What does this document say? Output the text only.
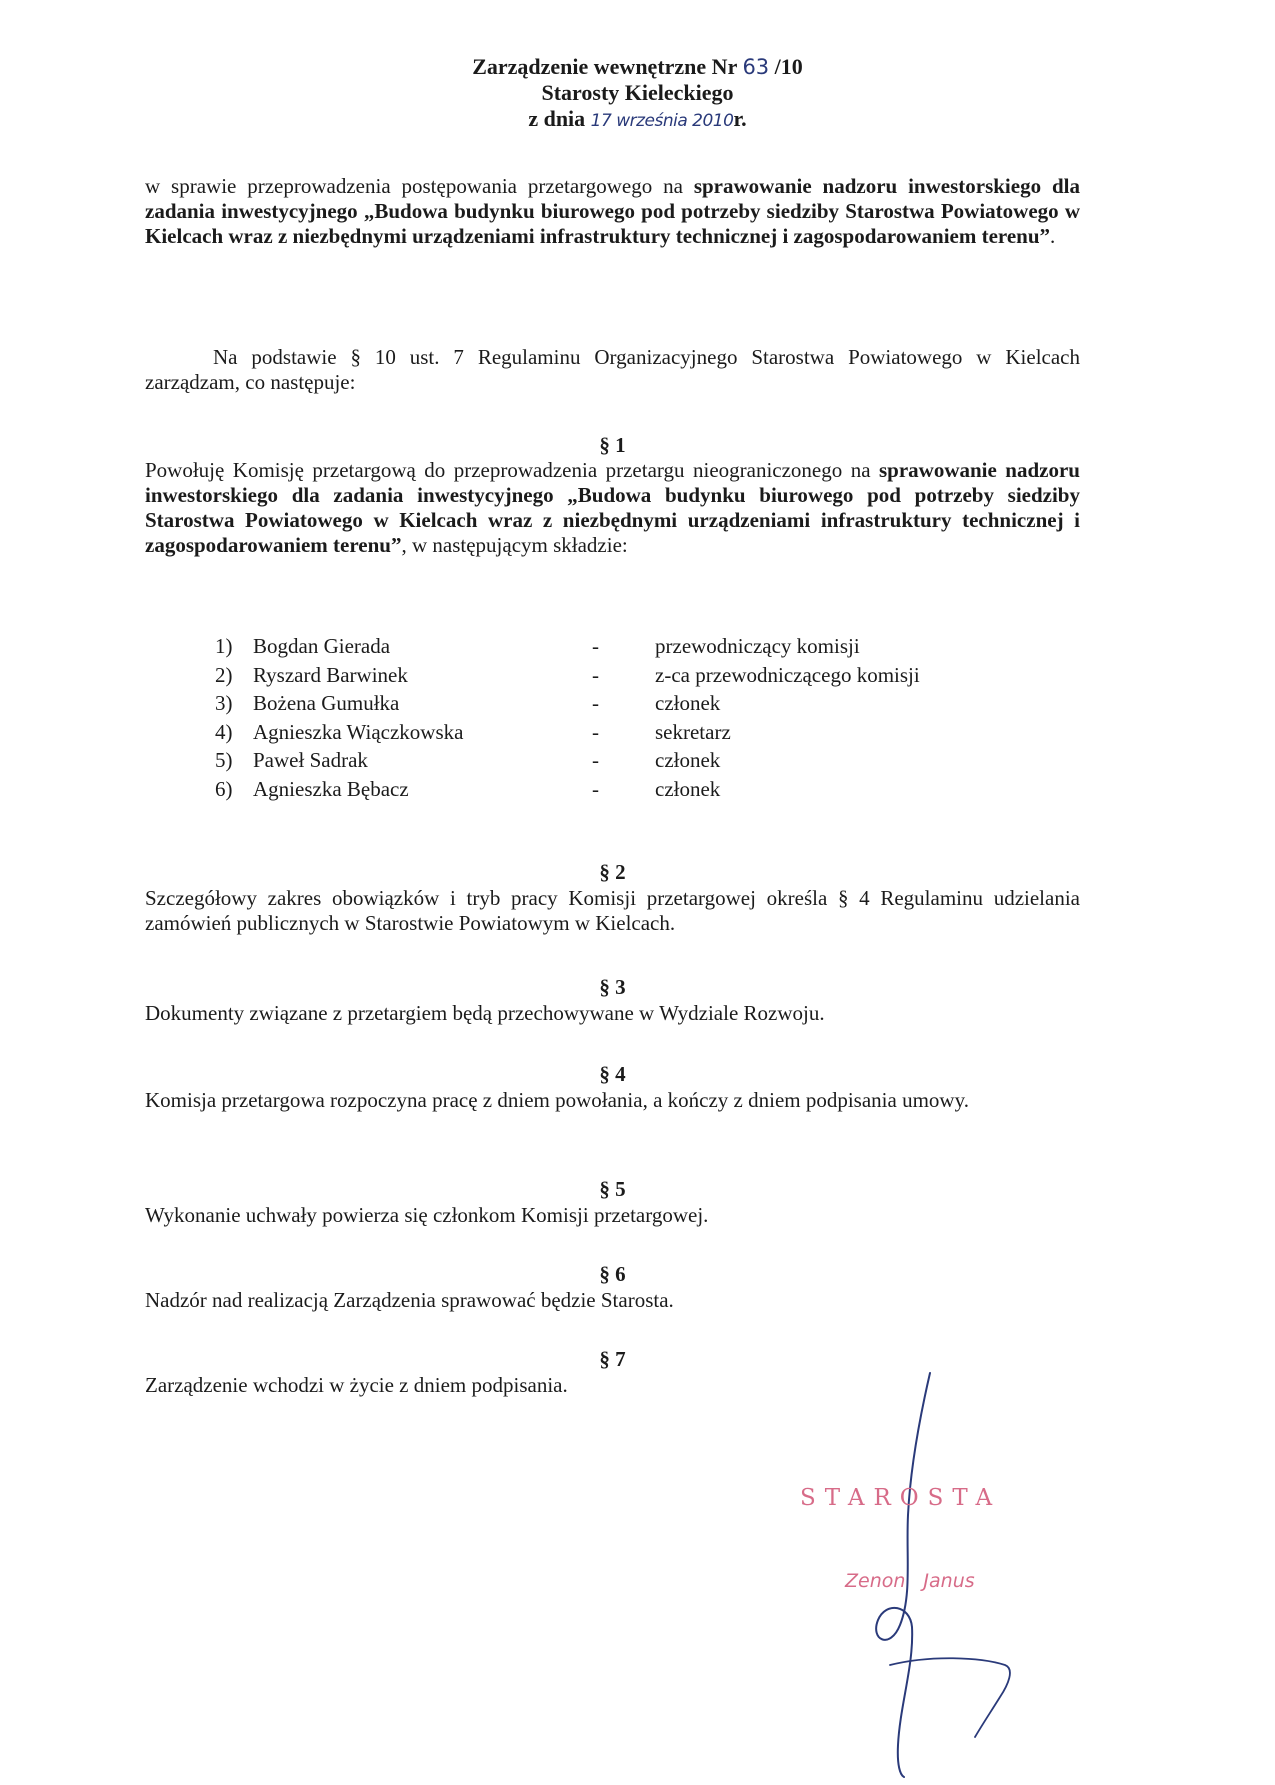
Zarządzenie wewnętrzne Nr 63 /10
Starosty Kieleckiego
z dnia 17 września 2010r.
w sprawie przeprowadzenia postępowania przetargowego na sprawowanie nadzoru inwestorskiego dla zadania inwestycyjnego „Budowa budynku biurowego pod potrzeby siedziby Starostwa Powiatowego w Kielcach wraz z niezbędnymi urządzeniami infrastruktury technicznej i zagospodarowaniem terenu”.
Na podstawie § 10 ust. 7 Regulaminu Organizacyjnego Starostwa Powiatowego w Kielcach zarządzam, co następuje:
§ 1
Powołuję Komisję przetargową do przeprowadzenia przetargu nieograniczonego na sprawowanie nadzoru inwestorskiego dla zadania inwestycyjnego „Budowa budynku biurowego pod potrzeby siedziby Starostwa Powiatowego w Kielcach wraz z niezbędnymi urządzeniami infrastruktury technicznej i zagospodarowaniem terenu”, w następującym składzie:
1) Bogdan Gierada	-	przewodniczący komisji
2) Ryszard Barwinek	-	z-ca przewodniczącego komisji
3) Bożena Gumułka	-	członek
4) Agnieszka Wiączkowska	-	sekretarz
5) Paweł Sadrak	-	członek
6) Agnieszka Bębacz	-	członek
§ 2
Szczegółowy zakres obowiązków i tryb pracy Komisji przetargowej określa § 4 Regulaminu udzielania zamówień publicznych w Starostwie Powiatowym w Kielcach.
§ 3
Dokumenty związane z przetargiem będą przechowywane w Wydziale Rozwoju.
§ 4
Komisja przetargowa rozpoczyna pracę z dniem powołania, a kończy z dniem podpisania umowy.
§ 5
Wykonanie uchwały powierza się członkom Komisji przetargowej.
§ 6
Nadzór nad realizacją Zarządzenia sprawować będzie Starosta.
§ 7
Zarządzenie wchodzi w życie z dniem podpisania.
STAROSTA
Zenon Janus
